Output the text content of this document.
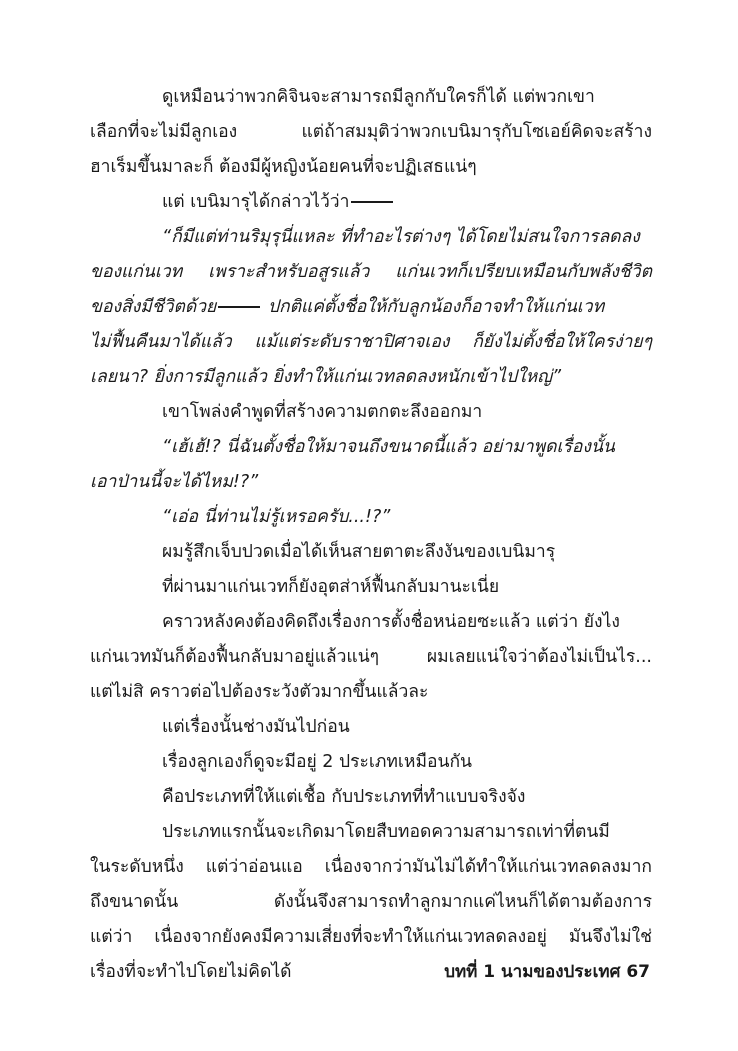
ดูเหมือนว่าพวกคิจินจะสามารถมีลูกกับใครก็ได้ แต่พวกเขา
เลือกที่จะไม่มีลูกเอง แต่ถ้าสมมุติว่าพวกเบนิมารุกับโซเอย์คิดจะสร้าง
ฮาเร็มขึ้นมาละก็ ต้องมีผู้หญิงน้อยคนที่จะปฏิเสธแน่ๆ
แต่ เบนิมารุได้กล่าวไว้ว่า
“ก็มีแต่ท่านริมุรุนี่แหละ ที่ทำอะไรต่างๆ ได้โดยไม่สนใจการลดลง
ของแก่นเวท เพราะสำหรับอสูรแล้ว แก่นเวทก็เปรียบเหมือนกับพลังชีวิต
ของสิ่งมีชีวิตด้วย	ปกติแค่ตั้งชื่อให้กับลูกน้องก็อาจทำให้แก่นเวท
ไม่ฟื้นคืนมาได้แล้ว แม้แต่ระดับราชาปิศาจเอง ก็ยังไม่ตั้งชื่อให้ใครง่ายๆ
เลยนา? ยิ่งการมีลูกแล้ว ยิ่งทำให้แก่นเวทลดลงหนักเข้าไปใหญ่”
เขาโพล่งคำพูดที่สร้างความตกตะลึงออกมา
“เฮ้เฮ้!? นี่ฉันตั้งชื่อให้มาจนถึงขนาดนี้แล้ว อย่ามาพูดเรื่องนั้น
เอาป่านนี้จะได้ไหม!?”
“เอ่อ นี่ท่านไม่รู้เหรอครับ...!?”
ผมรู้สึกเจ็บปวดเมื่อได้เห็นสายตาตะลึงงันของเบนิมารุ
ที่ผ่านมาแก่นเวทก็ยังอุตส่าห์ฟื้นกลับมานะเนี่ย
คราวหลังคงต้องคิดถึงเรื่องการตั้งชื่อหน่อยซะแล้ว แต่ว่า ยังไง
แก่นเวทมันก็ต้องฟื้นกลับมาอยู่แล้วแน่ๆ ผมเลยแน่ใจว่าต้องไม่เป็นไร...
แต่ไม่สิ คราวต่อไปต้องระวังตัวมากขึ้นแล้วละ
แต่เรื่องนั้นช่างมันไปก่อน
เรื่องลูกเองก็ดูจะมีอยู่ 2 ประเภทเหมือนกัน
คือประเภทที่ให้แต่เชื้อ กับประเภทที่ทำแบบจริงจัง
ประเภทแรกนั้นจะเกิดมาโดยสืบทอดความสามารถเท่าที่ตนมี
ในระดับหนึ่ง แต่ว่าอ่อนแอ เนื่องจากว่ามันไม่ได้ทำให้แก่นเวทลดลงมาก
ถึงขนาดนั้น ดังนั้นจึงสามารถทำลูกมากแค่ไหนก็ได้ตามต้องการ
แต่ว่า เนื่องจากยังคงมีความเสี่ยงที่จะทำให้แก่นเวทลดลงอยู่ มันจึงไม่ใช่
เรื่องที่จะทำไปโดยไม่คิดได้	บทที่ 1 นามของประเทศ 67
